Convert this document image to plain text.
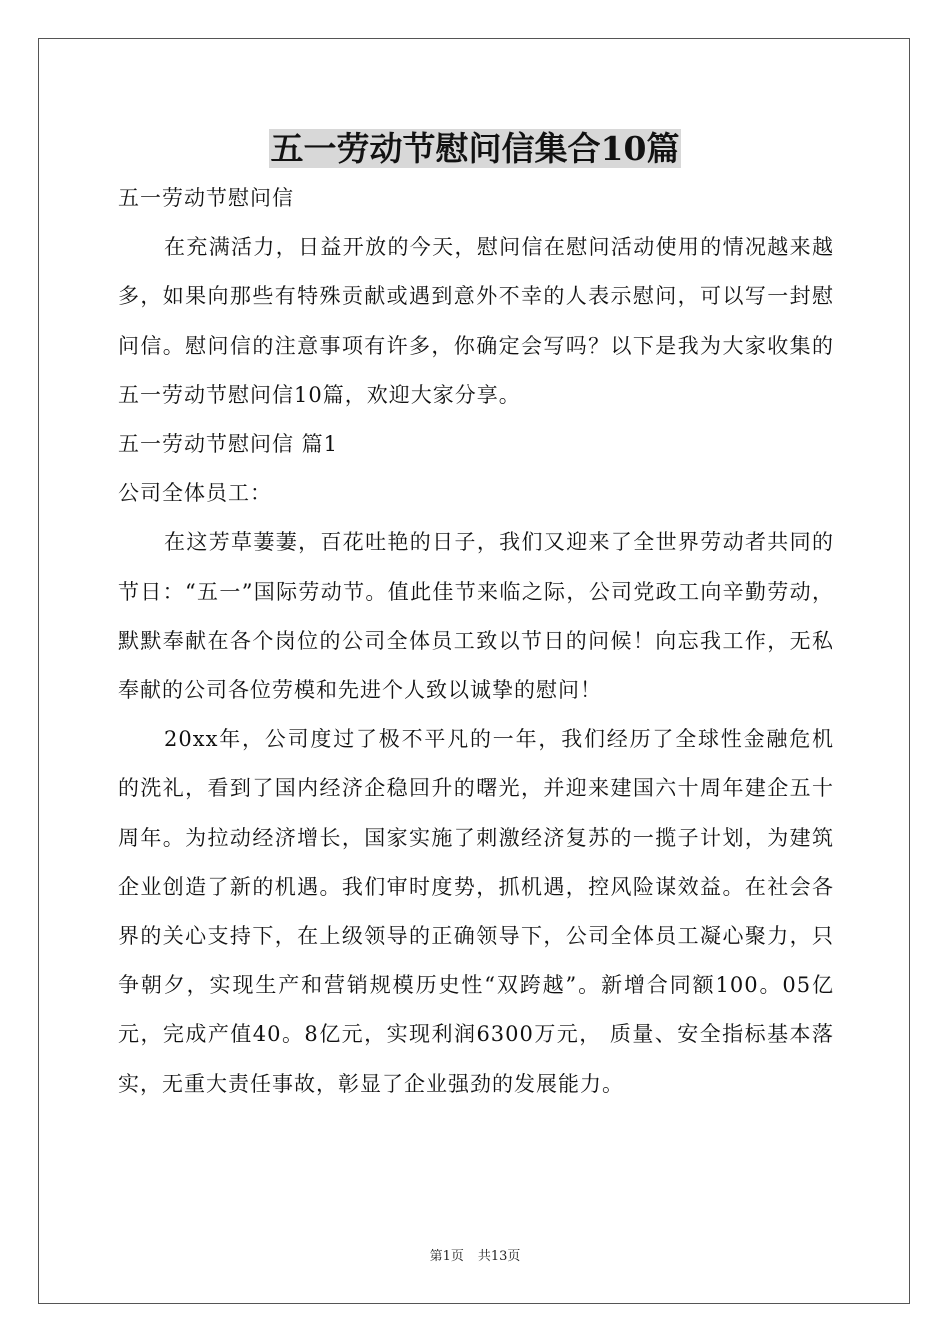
五一劳动节慰问信集合10篇

五一劳动节慰问信

在充满活力，日益开放的今天，慰问信在慰问活动使用的情况越来越多，如果向那些有特殊贡献或遇到意外不幸的人表示慰问，可以写一封慰问信。慰问信的注意事项有许多，你确定会写吗？以下是我为大家收集的五一劳动节慰问信10篇，欢迎大家分享。

五一劳动节慰问信 篇1

公司全体员工：

在这芳草萋萋，百花吐艳的日子，我们又迎来了全世界劳动者共同的节日：“五一”国际劳动节。值此佳节来临之际，公司党政工向辛勤劳动，默默奉献在各个岗位的公司全体员工致以节日的问候！向忘我工作，无私奉献的公司各位劳模和先进个人致以诚挚的慰问！

20xx年，公司度过了极不平凡的一年，我们经历了全球性金融危机的洗礼，看到了国内经济企稳回升的曙光，并迎来建国六十周年建企五十周年。为拉动经济增长，国家实施了刺激经济复苏的一揽子计划，为建筑企业创造了新的机遇。我们审时度势，抓机遇，控风险谋效益。在社会各界的关心支持下，在上级领导的正确领导下，公司全体员工凝心聚力，只争朝夕，实现生产和营销规模历史性“双跨越”。新增合同额100。05亿元，完成产值40。8亿元，实现利润6300万元， 质量、安全指标基本落实，无重大责任事故，彰显了企业强劲的发展能力。

第1页 共13页
